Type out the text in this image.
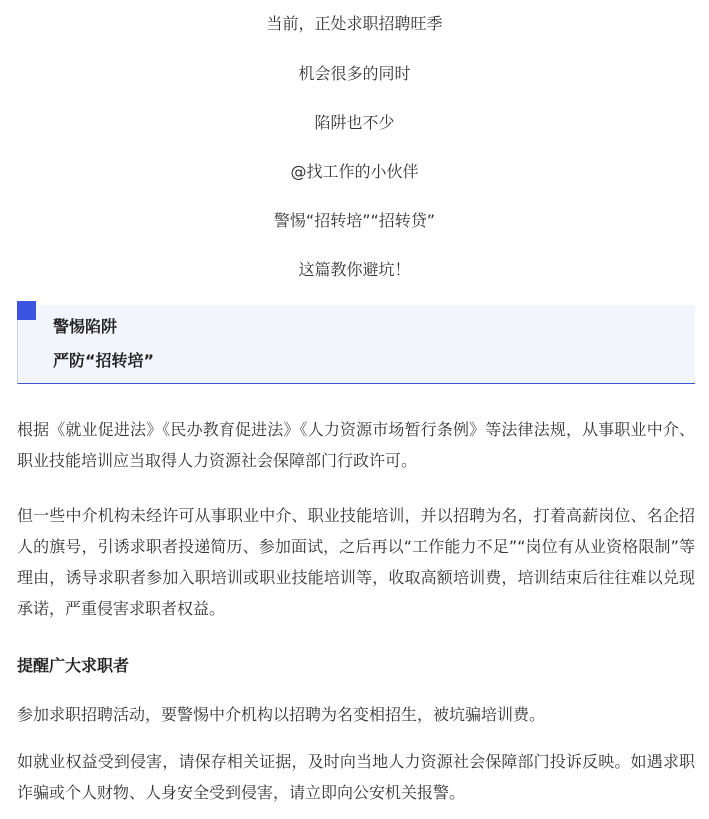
当前，正处求职招聘旺季
机会很多的同时
陷阱也不少
@找工作的小伙伴
警惕“招转培”“招转贷”
这篇教你避坑！
警惕陷阱
严防“招转培”
根据《就业促进法》《民办教育促进法》《人力资源市场暂行条例》等法律法规，从事职业中介、职业技能培训应当取得人力资源社会保障部门行政许可。
但一些中介机构未经许可从事职业中介、职业技能培训，并以招聘为名，打着高薪岗位、名企招人的旗号，引诱求职者投递简历、参加面试，之后再以“工作能力不足”“岗位有从业资格限制”等理由，诱导求职者参加入职培训或职业技能培训等，收取高额培训费，培训结束后往往难以兑现承诺，严重侵害求职者权益。
提醒广大求职者
参加求职招聘活动，要警惕中介机构以招聘为名变相招生，被坑骗培训费。
如就业权益受到侵害，请保存相关证据，及时向当地人力资源社会保障部门投诉反映。如遇求职诈骗或个人财物、人身安全受到侵害，请立即向公安机关报警。
